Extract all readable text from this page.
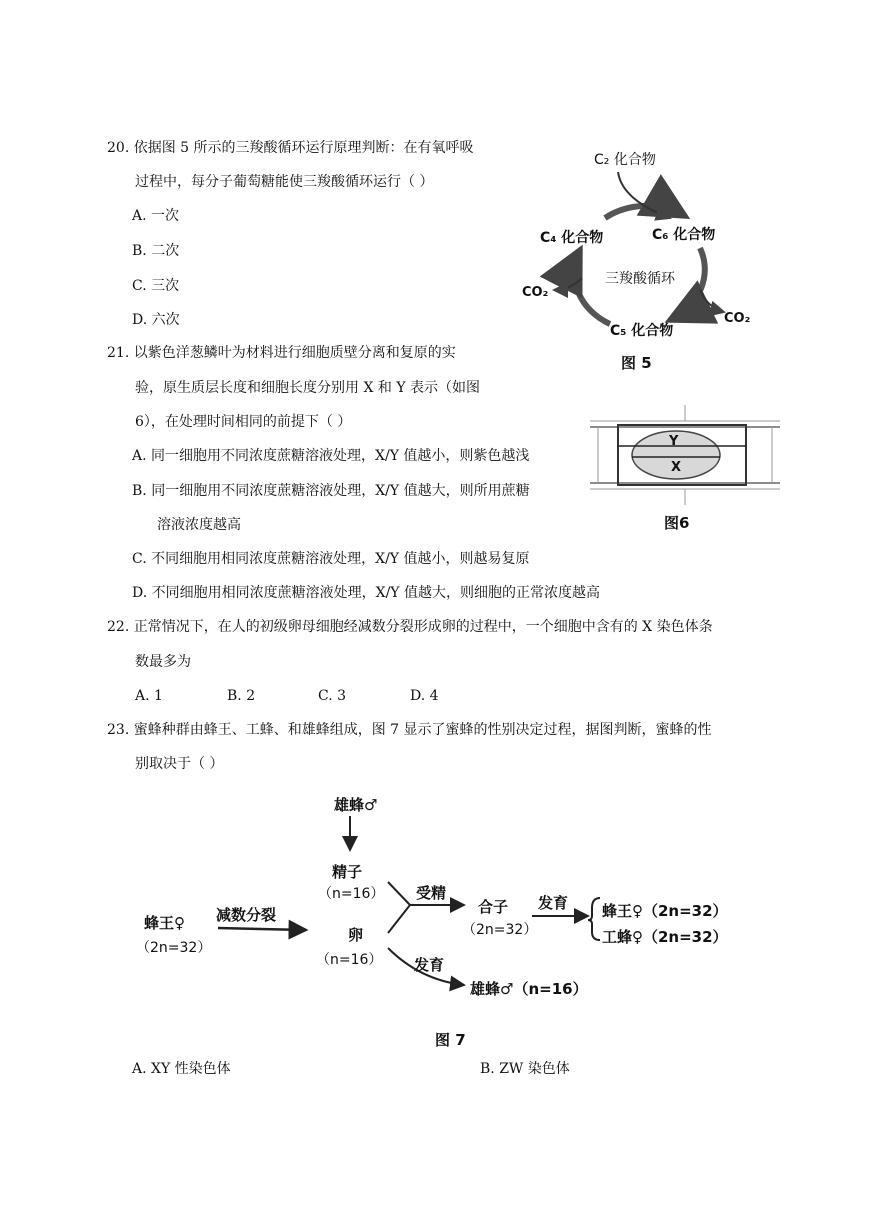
20. 依据图 5 所示的三羧酸循环运行原理判断：在有氧呼吸
过程中，每分子葡萄糖能使三羧酸循环运行（ ）
A. 一次
B. 二次
C. 三次
D. 六次
C₂ 化合物
C₄ 化合物	C₆ 化合物
C₅ 化合物
三羧酸循环
CO₂
CO₂
图 5
21. 以紫色洋葱鳞叶为材料进行细胞质壁分离和复原的实
验，原生质层长度和细胞长度分别用 X 和 Y 表示（如图
6），在处理时间相同的前提下（ ）
A. 同一细胞用不同浓度蔗糖溶液处理，X/Y 值越小，则紫色越浅
B. 同一细胞用不同浓度蔗糖溶液处理，X/Y 值越大，则所用蔗糖
溶液浓度越高
C. 不同细胞用相同浓度蔗糖溶液处理，X/Y 值越小，则越易复原
D. 不同细胞用相同浓度蔗糖溶液处理，X/Y 值越大，则细胞的正常浓度越高
Y
X
图6
22. 正常情况下，在人的初级卵母细胞经减数分裂形成卵的过程中，一个细胞中含有的 X 染色体条
数最多为
A. 1	B. 2	C. 3	D. 4
23. 蜜蜂种群由蜂王、工蜂、和雄蜂组成，图 7 显示了蜜蜂的性别决定过程，据图判断，蜜蜂的性
别取决于（ ）
雄蜂♂
精子
（n=16）
蜂王♀
（2n=32）
减数分裂
卵
（n=16）
受精
合子
（2n=32）
发育 蜂王♀（2n=32）
工蜂♀（2n=32）
发育
雄蜂♂（n=16）
图 7
A. XY 性染色体	B. ZW 染色体
